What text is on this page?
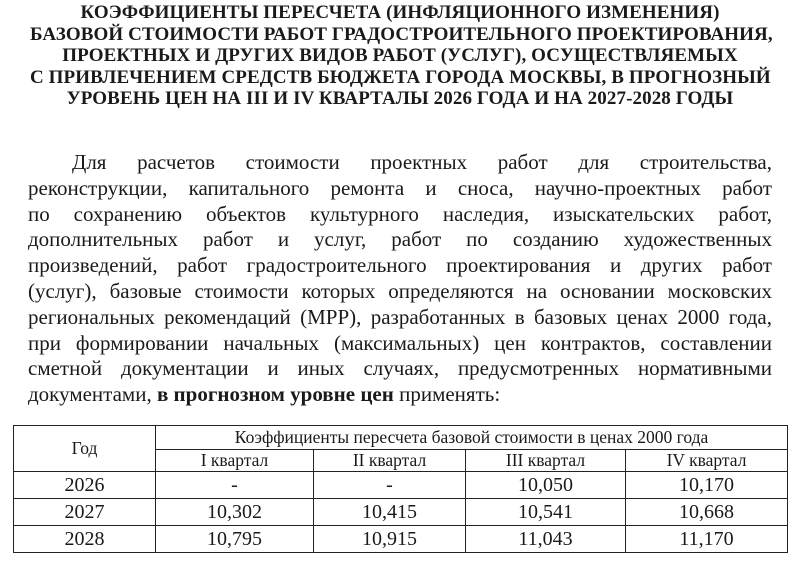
КОЭФФИЦИЕНТЫ ПЕРЕСЧЕТА (ИНФЛЯЦИОННОГО ИЗМЕНЕНИЯ)
БАЗОВОЙ СТОИМОСТИ РАБОТ ГРАДОСТРОИТЕЛЬНОГО ПРОЕКТИРОВАНИЯ,
ПРОЕКТНЫХ И ДРУГИХ ВИДОВ РАБОТ (УСЛУГ), ОСУЩЕСТВЛЯЕМЫХ
С ПРИВЛЕЧЕНИЕМ СРЕДСТВ БЮДЖЕТА ГОРОДА МОСКВЫ, В ПРОГНОЗНЫЙ
УРОВЕНЬ ЦЕН НА III И IV КВАРТАЛЫ 2026 ГОДА И НА 2027-2028 ГОДЫ
Для расчетов стоимости проектных работ для строительства,
реконструкции, капитального ремонта и сноса, научно-проектных работ
по сохранению объектов культурного наследия, изыскательских работ,
дополнительных работ и услуг, работ по созданию художественных
произведений, работ градостроительного проектирования и других работ
(услуг), базовые стоимости которых определяются на основании московских
региональных рекомендаций (МРР), разработанных в базовых ценах 2000 года,
при формировании начальных (максимальных) цен контрактов, составлении
сметной документации и иных случаях, предусмотренных нормативными
документами, в прогнозном уровне цен применять:
Год	Коэффициенты пересчета базовой стоимости в ценах 2000 года			
	I квартал	II квартал	III квартал	IV квартал
2026	-	-	10,050	10,170
2027	10,302	10,415	10,541	10,668
2028	10,795	10,915	11,043	11,170
